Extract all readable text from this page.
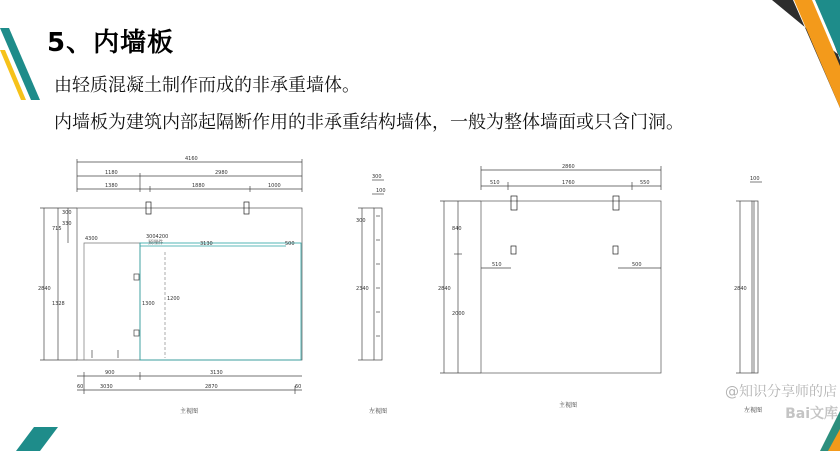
5、内墙板

由轻质混凝土制作而成的非承重墙体。

内墙板为建筑内部起隔断作用的非承重结构墙体，一般为整体墙面或只含门洞。

4160
1180	2980
1380	1880	1000
3004200
预埋件	3130	500
4300
1200
900	3130
3030	2870
60	60
2840
715
1328
330
1300
300
300
100
300
2340
2860
510	1760	550
2840
840
2000
510	500
100
2840
主视图	左视图
主视图
左视图
@知识分享师的店
Bai文库
